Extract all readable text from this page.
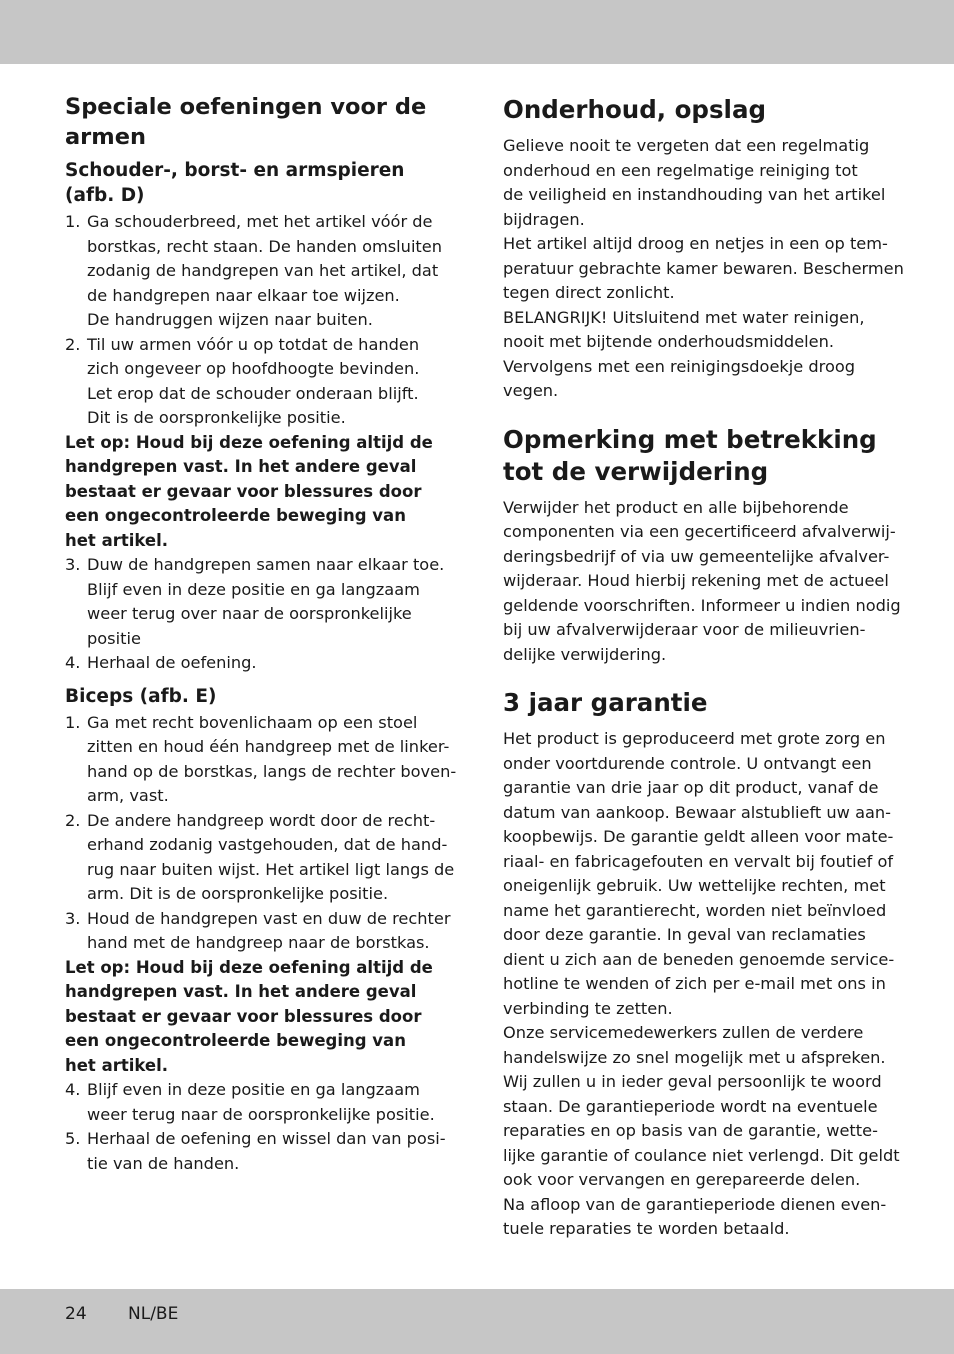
Speciale oefeningen voor de
armen
Schouder-, borst- en armspieren
(afb. D)
1. Ga schouderbreed, met het artikel vóór de
borstkas, recht staan. De handen omsluiten
zodanig de handgrepen van het artikel, dat
de handgrepen naar elkaar toe wijzen.
De handruggen wijzen naar buiten.
2. Til uw armen vóór u op totdat de handen
zich ongeveer op hoofdhoogte bevinden.
Let erop dat de schouder onderaan blijft.
Dit is de oorspronkelijke positie.
Let op: Houd bij deze oefening altijd de
handgrepen vast. In het andere geval
bestaat er gevaar voor blessures door
een ongecontroleerde beweging van
het artikel.
3. Duw de handgrepen samen naar elkaar toe.
Blijf even in deze positie en ga langzaam
weer terug over naar de oorspronkelijke
positie
4. Herhaal de oefening.
Biceps (afb. E)
1. Ga met recht bovenlichaam op een stoel
zitten en houd één handgreep met de linker-
hand op de borstkas, langs de rechter boven-
arm, vast.
2. De andere handgreep wordt door de recht-
erhand zodanig vastgehouden, dat de hand-
rug naar buiten wijst. Het artikel ligt langs de
arm. Dit is de oorspronkelijke positie.
3. Houd de handgrepen vast en duw de rechter
hand met de handgreep naar de borstkas.
Let op: Houd bij deze oefening altijd de
handgrepen vast. In het andere geval
bestaat er gevaar voor blessures door
een ongecontroleerde beweging van
het artikel.
4. Blijf even in deze positie en ga langzaam
weer terug naar de oorspronkelijke positie.
5. Herhaal de oefening en wissel dan van posi-
tie van de handen.
Onderhoud, opslag
Gelieve nooit te vergeten dat een regelmatig
onderhoud en een regelmatige reiniging tot
de veiligheid en instandhouding van het artikel
bijdragen.
Het artikel altijd droog en netjes in een op tem-
peratuur gebrachte kamer bewaren. Beschermen
tegen direct zonlicht.
BELANGRIJK! Uitsluitend met water reinigen,
nooit met bijtende onderhoudsmiddelen.
Vervolgens met een reinigingsdoekje droog
vegen.
Opmerking met betrekking
tot de verwijdering
Verwijder het product en alle bijbehorende
componenten via een gecertificeerd afvalverwij-
deringsbedrijf of via uw gemeentelijke afvalver-
wijderaar. Houd hierbij rekening met de actueel
geldende voorschriften. Informeer u indien nodig
bij uw afvalverwijderaar voor de milieuvrien-
delijke verwijdering.
3 jaar garantie
Het product is geproduceerd met grote zorg en
onder voortdurende controle. U ontvangt een
garantie van drie jaar op dit product, vanaf de
datum van aankoop. Bewaar alstublieft uw aan-
koopbewijs. De garantie geldt alleen voor mate-
riaal- en fabricagefouten en vervalt bij foutief of
oneigenlijk gebruik. Uw wettelijke rechten, met
name het garantierecht, worden niet beïnvloed
door deze garantie. In geval van reclamaties
dient u zich aan de beneden genoemde service-
hotline te wenden of zich per e-mail met ons in
verbinding te zetten.
Onze servicemedewerkers zullen de verdere
handelswijze zo snel mogelijk met u afspreken.
Wij zullen u in ieder geval persoonlijk te woord
staan. De garantieperiode wordt na eventuele
reparaties en op basis van de garantie, wette-
lijke garantie of coulance niet verlengd. Dit geldt
ook voor vervangen en gerepareerde delen.
Na afloop van de garantieperiode dienen even-
tuele reparaties te worden betaald.
24 NL/BE
